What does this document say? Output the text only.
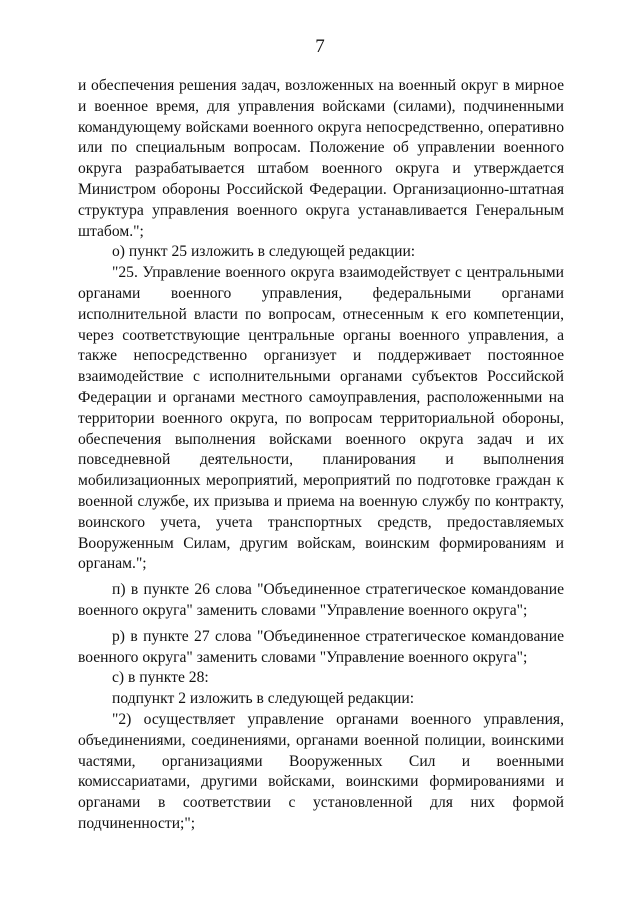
7

и обеспечения решения задач, возложенных на военный округ в мирное и военное время, для управления войсками (силами), подчиненными командующему войсками военного округа непосредственно, оперативно или по специальным вопросам. Положение об управлении военного округа разрабатывается штабом военного округа и утверждается Министром обороны Российской Федерации. Организационно-штатная структура управления военного округа устанавливается Генеральным штабом.";

о) пункт 25 изложить в следующей редакции:

"25. Управление военного округа взаимодействует с центральными органами военного управления, федеральными органами исполнительной власти по вопросам, отнесенным к его компетенции, через соответствующие центральные органы военного управления, а также непосредственно организует и поддерживает постоянное взаимодействие с исполнительными органами субъектов Российской Федерации и органами местного самоуправления, расположенными на территории военного округа, по вопросам территориальной обороны, обеспечения выполнения войсками военного округа задач и их повседневной деятельности, планирования и выполнения мобилизационных мероприятий, мероприятий по подготовке граждан к военной службе, их призыва и приема на военную службу по контракту, воинского учета, учета транспортных средств, предоставляемых Вооруженным Силам, другим войскам, воинским формированиям и органам.";

п) в пункте 26 слова "Объединенное стратегическое командование военного округа" заменить словами "Управление военного округа";

р) в пункте 27 слова "Объединенное стратегическое командование военного округа" заменить словами "Управление военного округа";

с) в пункте 28:

подпункт 2 изложить в следующей редакции:

"2) осуществляет управление органами военного управления, объединениями, соединениями, органами военной полиции, воинскими частями, организациями Вооруженных Сил и военными комиссариатами, другими войсками, воинскими формированиями и органами в соответствии с установленной для них формой подчиненности;";
